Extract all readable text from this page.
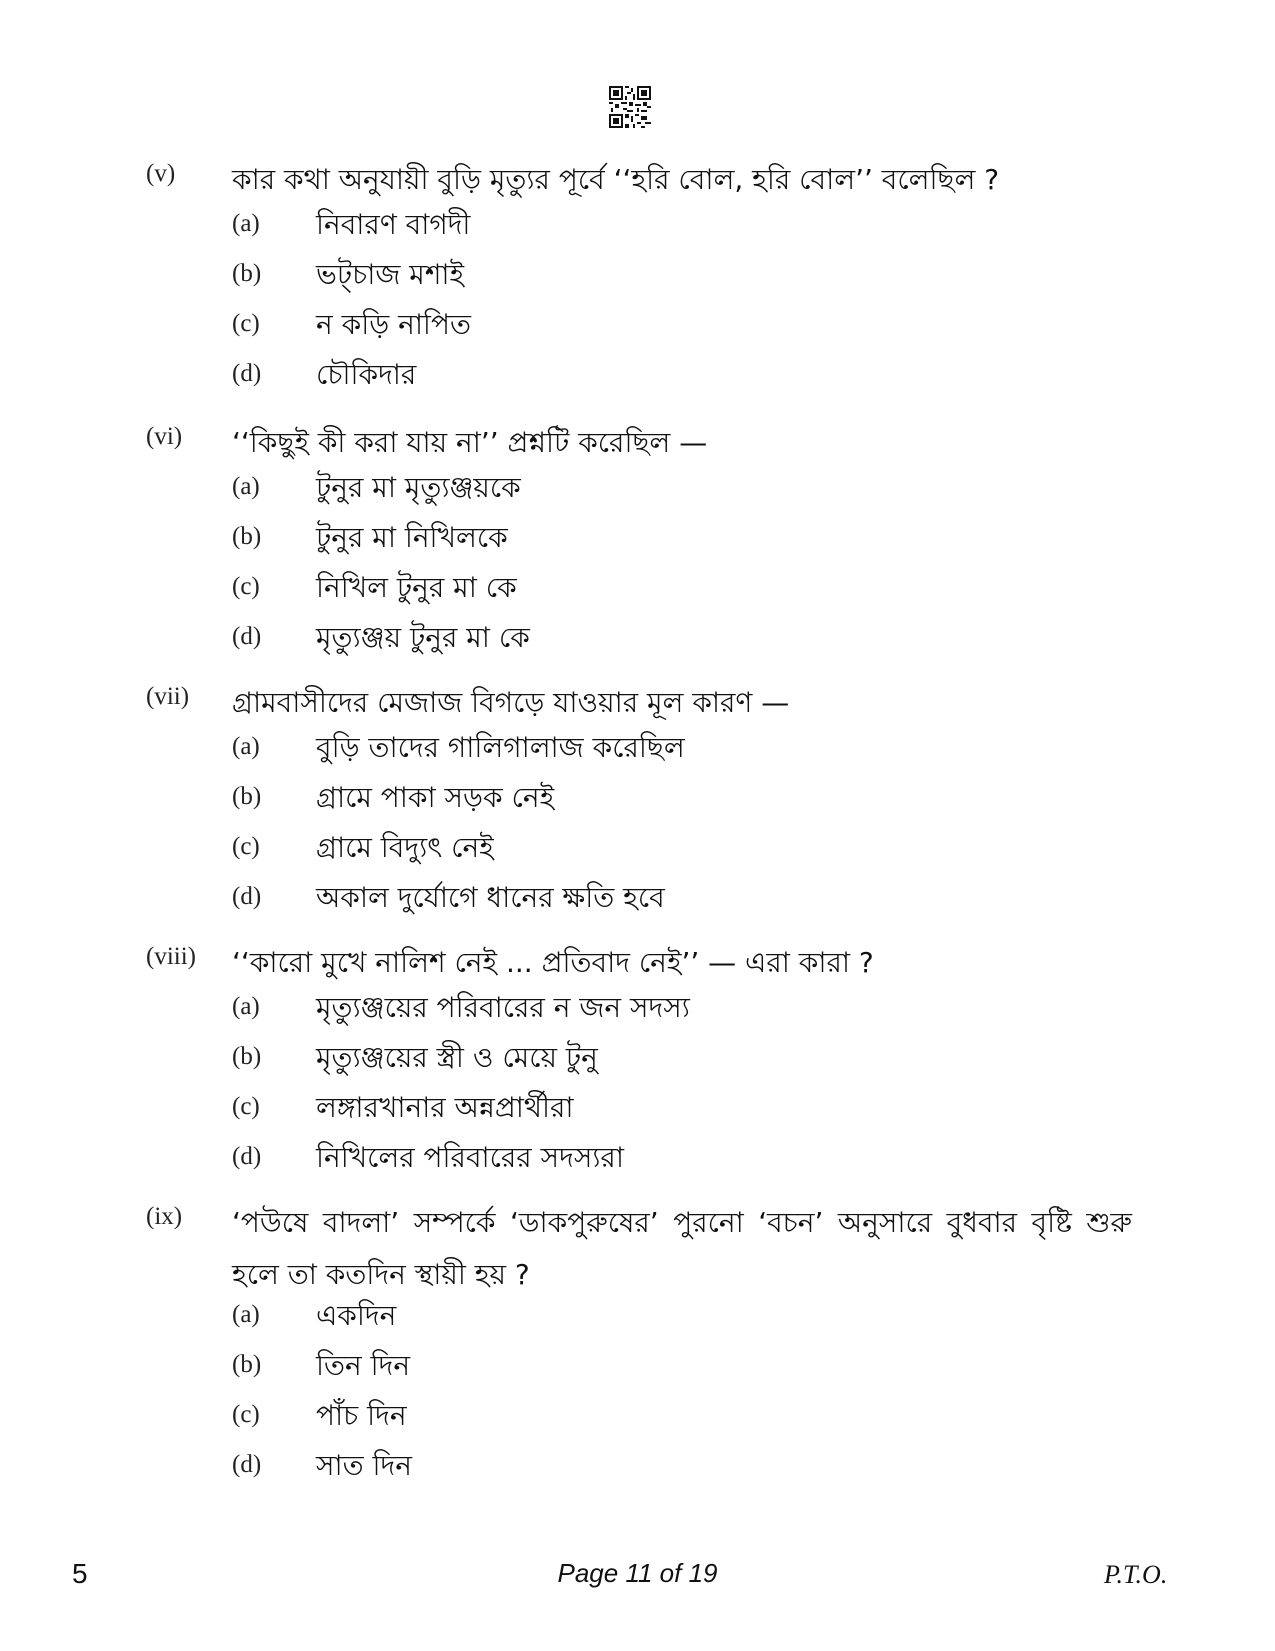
(v) কার কথা অনুযায়ী বুড়ি মৃত্যুর পূর্বে ‘‘হরি বোল, হরি বোল’’ বলেছিল ?
(a) নিবারণ বাগদী
(b) ভট্চাজ মশাই
(c) ন কড়ি নাপিত
(d) চৌকিদার
(vi) ‘‘কিছুই কী করা যায় না’’ প্রশ্নটি করেছিল —
(a) টুনুর মা মৃত্যুঞ্জয়কে
(b) টুনুর মা নিখিলকে
(c) নিখিল টুনুর মা কে
(d) মৃত্যুঞ্জয় টুনুর মা কে
(vii) গ্রামবাসীদের মেজাজ বিগড়ে যাওয়ার মূল কারণ —
(a) বুড়ি তাদের গালিগালাজ করেছিল
(b) গ্রামে পাকা সড়ক নেই
(c) গ্রামে বিদ্যুৎ নেই
(d) অকাল দুর্যোগে ধানের ক্ষতি হবে
(viii) ‘‘কারো মুখে নালিশ নেই ... প্রতিবাদ নেই’’ — এরা কারা ?
(a) মৃত্যুঞ্জয়ের পরিবারের ন জন সদস্য
(b) মৃত্যুঞ্জয়ের স্ত্রী ও মেয়ে টুনু
(c) লঙ্গারখানার অন্নপ্রার্থীরা
(d) নিখিলের পরিবারের সদস্যরা
(ix) ‘পউষে বাদলা’ সম্পর্কে ‘ডাকপুরুষের’ পুরনো ‘বচন’ অনুসারে বুধবার বৃষ্টি শুরু হলে তা কতদিন স্থায়ী হয় ?
(a) একদিন
(b) তিন দিন
(c) পাঁচ দিন
(d) সাত দিন
5	Page 11 of 19	P.T.O.
